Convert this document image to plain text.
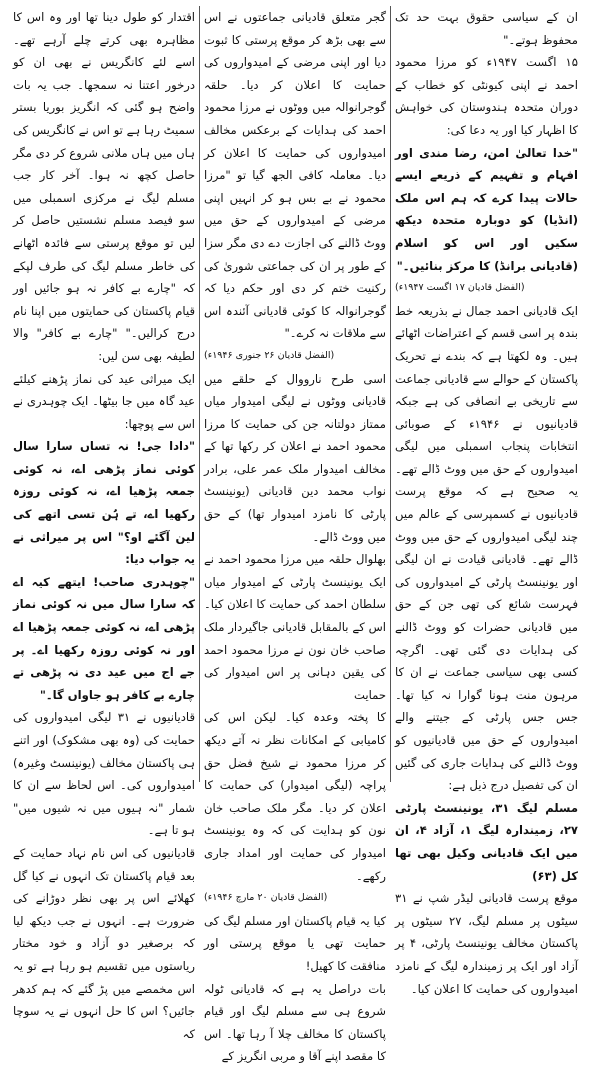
ان کے سیاسی حقوق بہت حد تک محفوظ ہوتے۔"

۱۵ اگست ۱۹۴۷ء کو مرزا محمود احمد نے اپنی کیونٹی کو خطاب کے دوران متحدہ ہندوستان کی خواہش کا اظہار کیا اور یہ دعا کی:

"خدا تعالیٰ امن، رضا مندی اور افہام و تفہیم کے ذریعے ایسے حالات پیدا کرے کہ ہم اس ملک (انڈیا) کو دوبارہ متحدہ دیکھ سکیں اور اس کو اسلام (قادیانی برانڈ) کا مرکز بنائیں۔"

(الفضل قادیان ۱۷ اگست ۱۹۴۷ء)

ایک قادیانی احمد جمال نے بذریعہ خط بندہ پر اسی قسم کے اعتراضات اٹھائے ہیں۔ وہ لکھتا ہے کہ بندے نے تحریک پاکستان کے حوالے سے قادیانی جماعت سے تاریخی بے انصافی کی ہے جبکہ قادیانیوں نے ۱۹۴۶ء کے صوبائی انتخابات پنجاب اسمبلی میں لیگی امیدواروں کے حق میں ووٹ ڈالے تھے۔ یہ صحیح ہے کہ موقع پرست قادیانیوں نے کسمپرسی کے عالم میں چند لیگی امیدواروں کے حق میں ووٹ ڈالے تھے۔ قادیانی قیادت نے ان لیگی اور یونینسٹ پارٹی کے امیدواروں کی فہرست شائع کی تھی جن کے حق میں قادیانی حضرات کو ووٹ ڈالنے کی ہدایات دی گئی تھی۔ اگرچہ کسی بھی سیاسی جماعت نے ان کا مرہون منت ہونا گوارا نہ کیا تھا۔ جس جس پارٹی کے جیتنے والے امیدواروں کے حق میں قادیانیوں کو ووٹ ڈالنے کی ہدایات جاری کی گئیں ان کی تفصیل درج ذیل ہے:

مسلم لیگ ۳۱، یونینسٹ پارٹی ۲۷، زمیندارہ لیگ ۱، آزاد ۴، ان میں ایک قادیانی وکیل بھی تھا کل (۶۳)

موقع پرست قادیانی لیڈر شپ نے ۳۱ سیٹوں پر مسلم لیگ، ۲۷ سیٹوں پر پاکستان مخالف یونینسٹ پارٹی، ۴ پر آزاد اور ایک پر زمیندارہ لیگ کے نامزد امیدواروں کی حمایت کا اعلان کیا۔

گجر متعلق قادیانی جماعتوں نے اس سے بھی بڑھ کر موقع پرستی کا ثبوت دیا اور اپنی مرضی کے امیدواروں کی حمایت کا اعلان کر دیا۔ حلقہ گوجرانوالہ میں ووٹوں نے مرزا محمود احمد کی ہدایات کے برعکس مخالف امیدواروں کی حمایت کا اعلان کر دیا۔ معاملہ کافی الجھ گیا تو "مرزا محمود نے بے بس ہو کر انہیں اپنی مرضی کے امیدواروں کے حق میں ووٹ ڈالنے کی اجازت دے دی مگر سزا کے طور پر ان کی جماعتی شوریٰ کی رکنیت ختم کر دی اور حکم دیا کہ گوجرانوالہ کا کوئی قادیانی آئندہ اس سے ملاقات نہ کرے۔"

(الفضل قادیان ۲۶ جنوری ۱۹۴۶ء)

اسی طرح نارووال کے حلقے میں قادیانی ووٹوں نے لیگی امیدوار میاں ممتاز دولتانہ جن کی حمایت کا مرزا محمود احمد نے اعلان کر رکھا تھا کے مخالف امیدوار ملک عمر علی، برادر نواب محمد دین قادیانی (یونینسٹ پارٹی کا نامزد امیدوار تھا) کے حق میں ووٹ ڈالے۔

بھلوال حلقہ میں مرزا محمود احمد نے ایک یونینسٹ پارٹی کے امیدوار میاں سلطان احمد کی حمایت کا اعلان کیا۔ اس کے بالمقابل قادیانی جاگیردار ملک صاحب خان نون نے مرزا محمود احمد کی یقین دہانی پر اس امیدوار کی حمایت

کا پختہ وعدہ کیا۔ لیکن اس کی کامیابی کے امکانات نظر نہ آتے دیکھ کر مرزا محمود نے شیخ فضل حق پراچہ (لیگی امیدوار) کی حمایت کا اعلان کر دیا۔ مگر ملک صاحب خان نون کو ہدایت کی کہ وہ یونینسٹ امیدوار کی حمایت اور امداد جاری رکھے۔

(الفضل قادیان ۲۰ مارچ ۱۹۴۶ء)

کیا یہ قیام پاکستان اور مسلم لیگ کی حمایت تھی یا موقع پرستی اور منافقت کا کھیل!

بات دراصل یہ ہے کہ قادیانی ٹولہ شروع ہی سے مسلم لیگ اور قیام پاکستان کا مخالف چلا آ رہا تھا۔ اس کا مقصد اپنے آقا و مربی انگریز کے

اقتدار کو طول دینا تھا اور وہ اس کا مظاہرہ بھی کرتے چلے آرہے تھے۔ اسے لئے کانگریس نے بھی ان کو درخور اعتنا نہ سمجھا۔ جب یہ بات واضح ہو گئی کہ انگریز بوریا بستر سمیٹ رہا ہے تو اس نے کانگریس کی ہاں میں ہاں ملانی شروع کر دی مگر حاصل کچھ نہ ہوا۔ آخر کار جب مسلم لیگ نے مرکزی اسمبلی میں سو فیصد مسلم نشستیں حاصل کر لیں تو موقع پرستی سے فائدہ اٹھانے کی خاطر مسلم لیگ کی طرف لپکے کہ "چارے بے کافر نہ ہو جائیں اور قیام پاکستان کی حمایتوں میں اپنا نام درج کرالیں۔" "چارے بے کافر" والا لطیفہ بھی سن لیں:

ایک میراثی عید کی نماز پڑھنے کیلئے عید گاہ میں جا بیٹھا۔ ایک چوہدری نے اس سے پوچھا:

"دادا جی! نہ تساں سارا سال کوئی نماز پڑھی اے، نہ کوئی جمعہ پڑھیا اے، نہ کوئی روزہ رکھیا اے، تے ہُن تسی اتھے کی لین آگئے او؟" اس پر میراثی نے یہ جواب دیا:

"چوہدری صاحب! ایتھے کیہ اے کہ سارا سال میں نہ کوئی نماز پڑھی اے، نہ کوئی جمعہ پڑھیا اے اور نہ کوئی روزہ رکھیا اے۔ پر جے اج میں عید دی نہ پڑھی تے چارے بے کافر ہو جاواں گا۔"

قادیانیوں نے ۳۱ لیگی امیدواروں کی حمایت کی (وہ بھی مشکوک) اور اتنے ہی پاکستان مخالف (یونینسٹ وغیرہ) امیدواروں کی۔ اس لحاظ سے ان کا شمار "نہ ہیوں میں نہ شیوں میں" ہو تا ہے۔

قادیانیوں کی اس نام نہاد حمایت کے بعد قیام پاکستان تک انہوں نے کیا گل کھلائے اس پر بھی نظر دوڑانے کی ضرورت ہے۔ انہوں نے جب دیکھ لیا کہ برصغیر دو آزاد و خود مختار ریاستوں میں تقسیم ہو رہا ہے تو یہ اس مخمصے میں پڑ گئے کہ ہم کدھر جائیں؟ اس کا حل انہوں نے یہ سوچا کہ
